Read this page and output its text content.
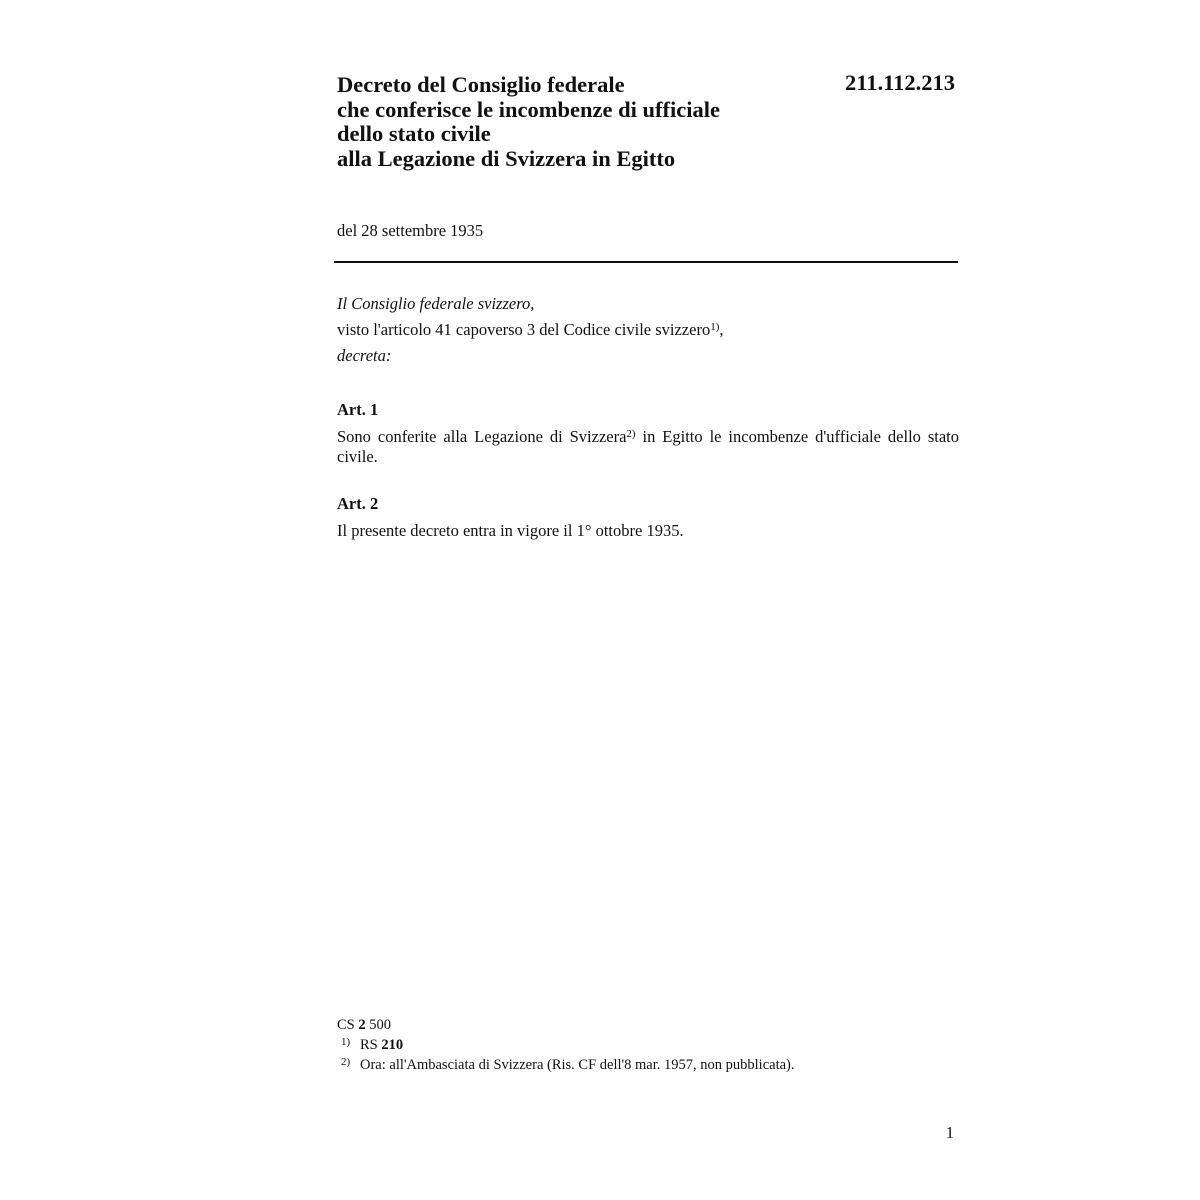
Decreto del Consiglio federale
che conferisce le incombenze di ufficiale
dello stato civile
alla Legazione di Svizzera in Egitto
211.112.213
del 28 settembre 1935
Il Consiglio federale svizzero,
visto l'articolo 41 capoverso 3 del Codice civile svizzero$^{1)}$,
decreta:
Art. 1
Sono conferite alla Legazione di Svizzera$^{2)}$ in Egitto le incombenze d'ufficiale dello stato civile.
Art. 2
Il presente decreto entra in vigore il 1° ottobre 1935.
CS 2 500
1) RS 210
2) Ora: all'Ambasciata di Svizzera (Ris. CF dell'8 mar. 1957, non pubblicata).
1
